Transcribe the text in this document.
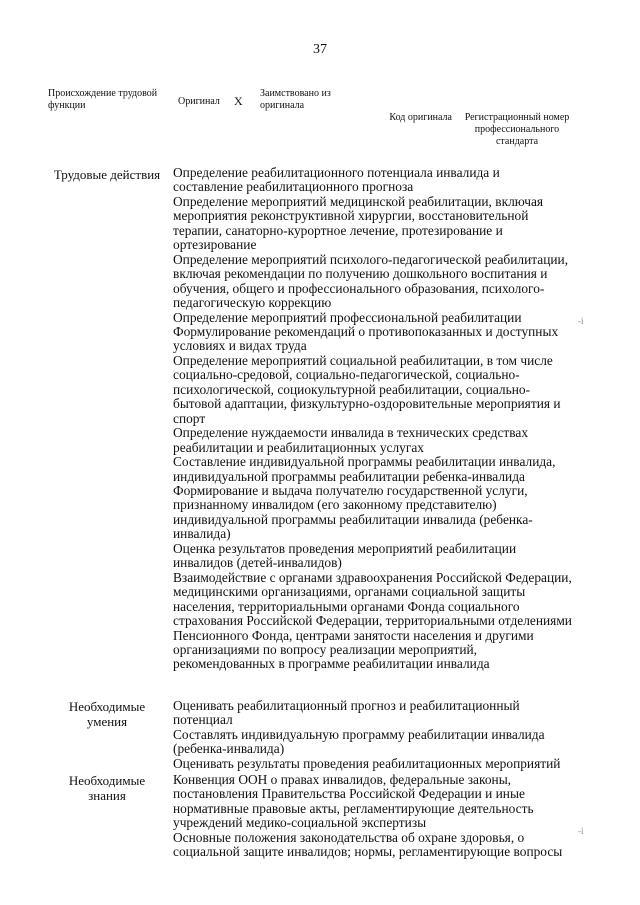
37
Происхождение трудовой функции	Оригинал X
Заимствовано из оригинала
Код оригинала	Регистрационный номер профессионального стандарта
Трудовые действия Определение реабилитационного потенциала инвалида и составление реабилитационного прогноза

Определение мероприятий медицинской реабилитации, включая мероприятия реконструктивной хирургии, восстановительной терапии, санаторно-курортное лечение, протезирование и ортезирование

Определение мероприятий психолого-педагогической реабилитации, включая рекомендации по получению дошкольного воспитания и обучения, общего и профессионального образования, психолого-педагогическую коррекцию

Определение мероприятий профессиональной реабилитации

Формулирование рекомендаций о противопоказанных и доступных условиях и видах труда

Определение мероприятий социальной реабилитации, в том числе социально-средовой, социально-педагогической, социально-психологической, социокультурной реабилитации, социально-бытовой адаптации, физкультурно-оздоровительные мероприятия и спорт

Определение нуждаемости инвалида в технических средствах реабилитации и реабилитационных услугах

Составление индивидуальной программы реабилитации инвалида, индивидуальной программы реабилитации ребенка-инвалида

Формирование и выдача получателю государственной услуги, признанному инвалидом (его законному представителю) индивидуальной программы реабилитации инвалида (ребенка-инвалида)

Оценка результатов проведения мероприятий реабилитации инвалидов (детей-инвалидов)

Взаимодействие с органами здравоохранения Российской Федерации, медицинскими организациями, органами социальной защиты населения, территориальными органами Фонда социального страхования Российской Федерации, территориальными отделениями Пенсионного Фонда, центрами занятости населения и другими организациями по вопросу реализации мероприятий, рекомендованных в программе реабилитации инвалида

Необходимые умения

Оценивать реабилитационный прогноз и реабилитационный потенциал

Составлять индивидуальную программу реабилитации инвалида (ребенка-инвалида)

Оценивать результаты проведения реабилитационных мероприятий

Необходимые знания

Конвенция ООН о правах инвалидов, федеральные законы, постановления Правительства Российской Федерации и иные нормативные правовые акты, регламентирующие деятельность учреждений медико-социальной экспертизы

Основные положения законодательства об охране здоровья, о социальной защите инвалидов; нормы, регламентирующие вопросы

-i
-i
